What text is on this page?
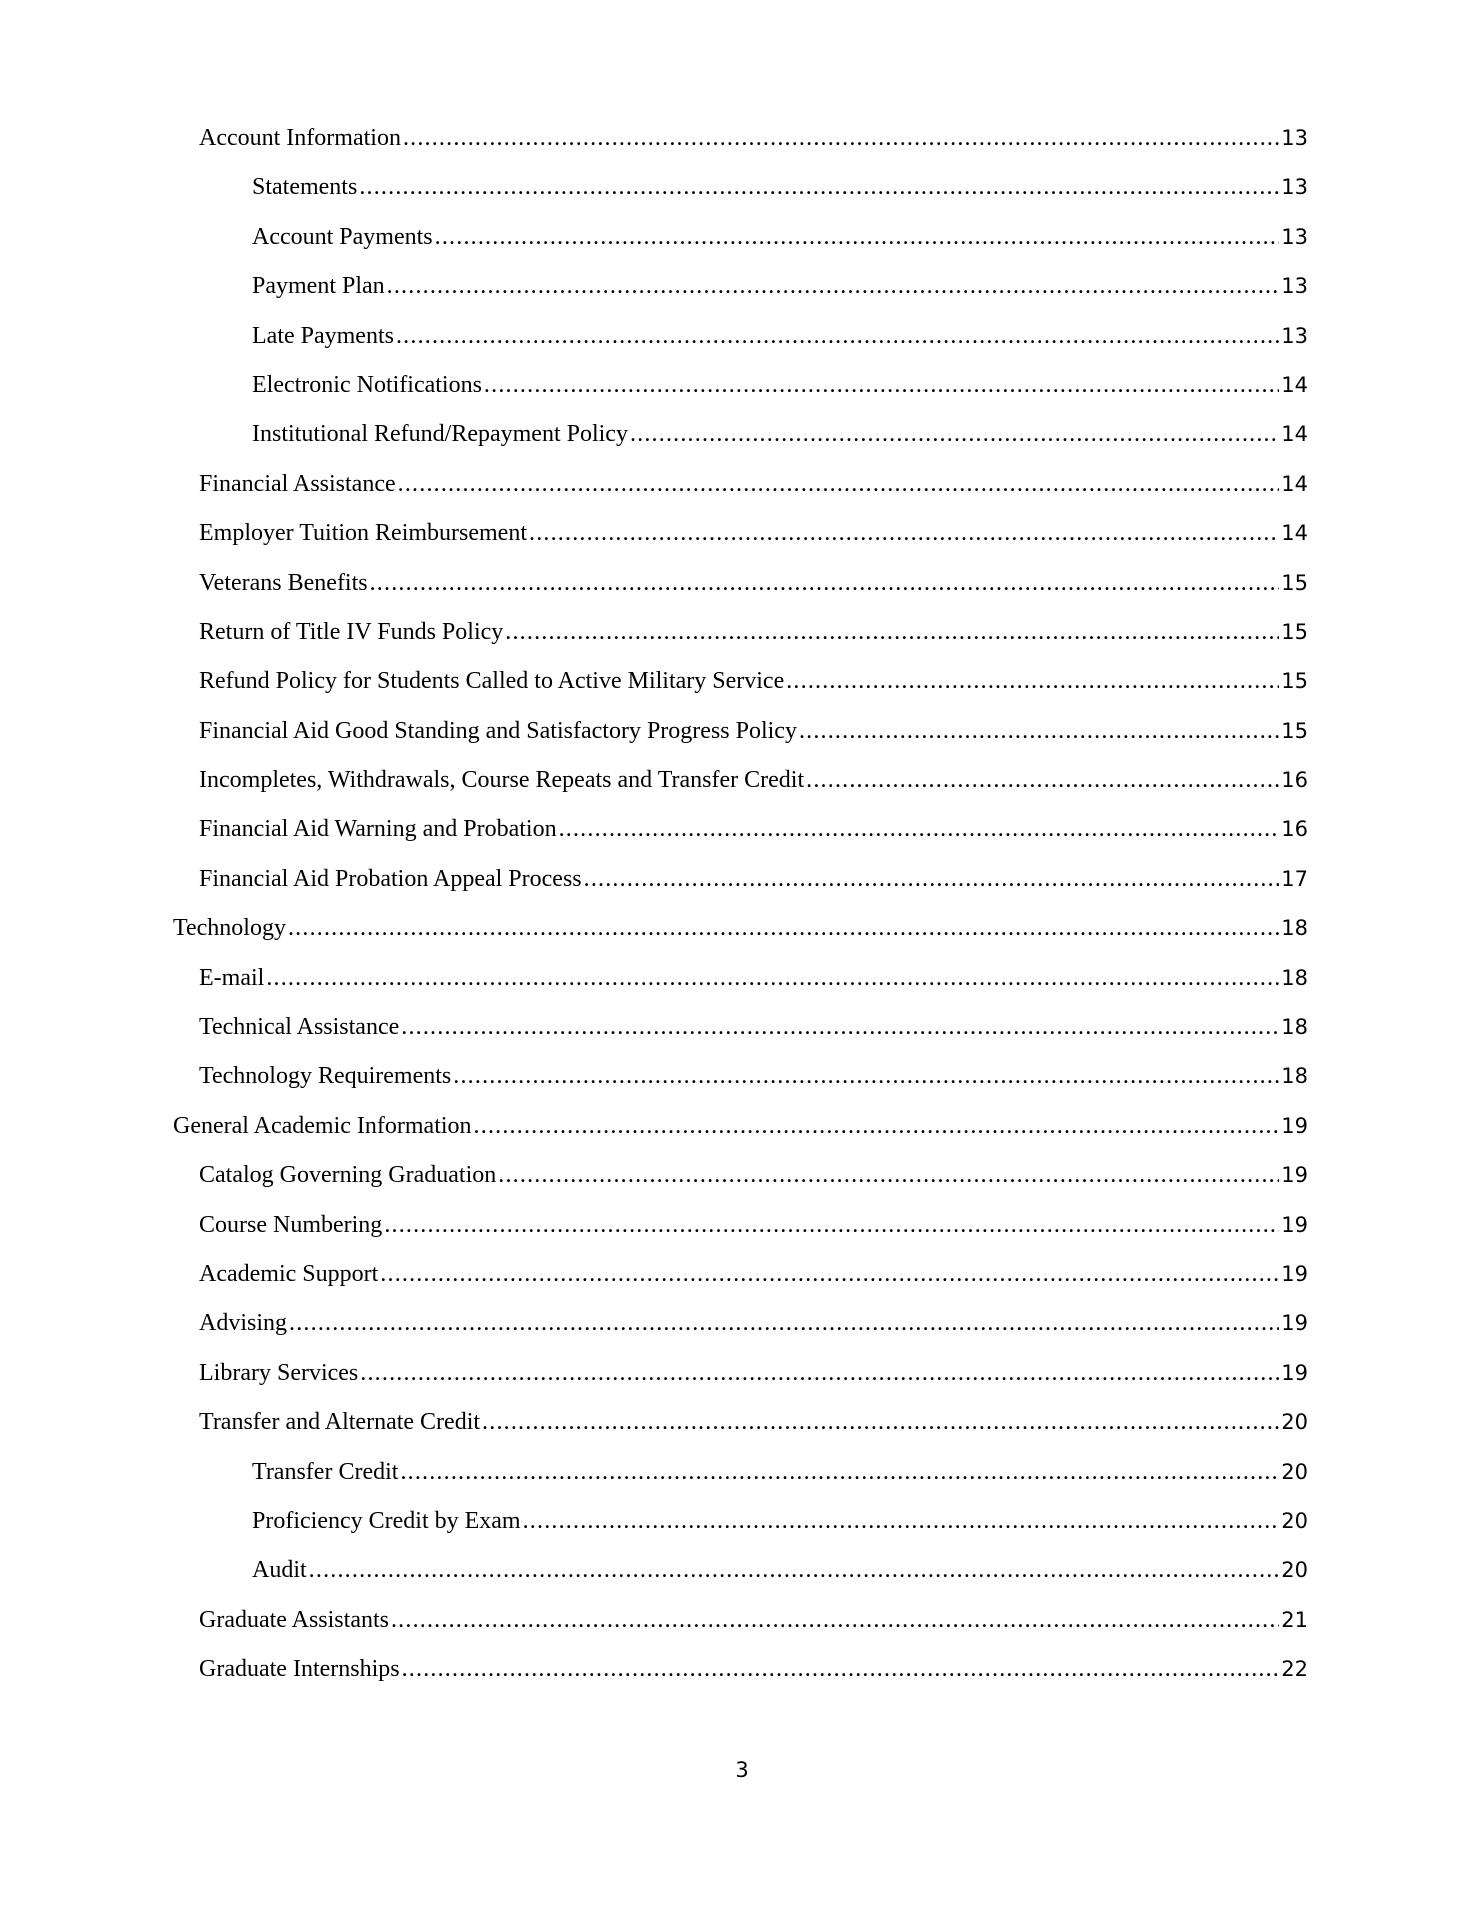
Account Information .....	13
Statements .....	13
Account Payments .....	13
Payment Plan .....	13
Late Payments .....	13
Electronic Notifications .....	14
Institutional Refund/Repayment Policy .....	14
Financial Assistance .....	14
Employer Tuition Reimbursement .....	14
Veterans Benefits .....	15
Return of Title IV Funds Policy .....	15
Refund Policy for Students Called to Active Military Service .....	15
Financial Aid Good Standing and Satisfactory Progress Policy .....	15
Incompletes, Withdrawals, Course Repeats and Transfer Credit .....	16
Financial Aid Warning and Probation .....	16
Financial Aid Probation Appeal Process .....	17
Technology .....	18
E-mail .....	18
Technical Assistance .....	18
Technology Requirements .....	18
General Academic Information .....	19
Catalog Governing Graduation .....	19
Course Numbering .....	19
Academic Support .....	19
Advising .....	19
Library Services .....	19
Transfer and Alternate Credit .....	20
Transfer Credit .....	20
Proficiency Credit by Exam .....	20
Audit .....	20
Graduate Assistants .....	21
Graduate Internships .....	22
3
